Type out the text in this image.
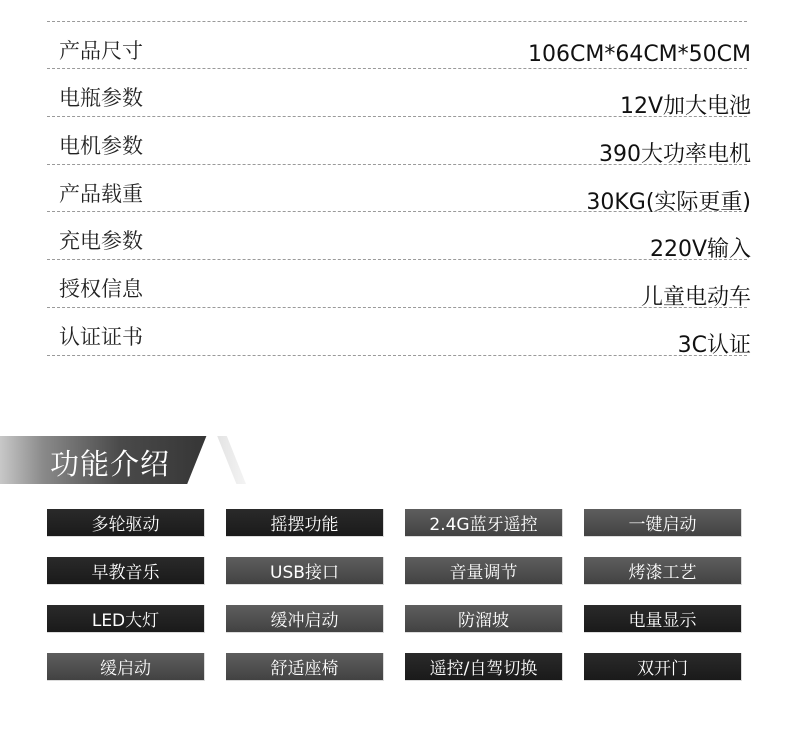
产品尺寸	106CM*64CM*50CM
电瓶参数	12V加大电池
电机参数	390大功率电机
产品载重	30KG(实际更重)
充电参数	220V输入
授权信息	儿童电动车
认证证书	3C认证
功能介绍
多轮驱动	摇摆功能	2.4G蓝牙遥控	一键启动
早教音乐	USB接口	音量调节	烤漆工艺
LED大灯	缓冲启动	防溜坡	电量显示
缓启动	舒适座椅	遥控/自驾切换	双开门
